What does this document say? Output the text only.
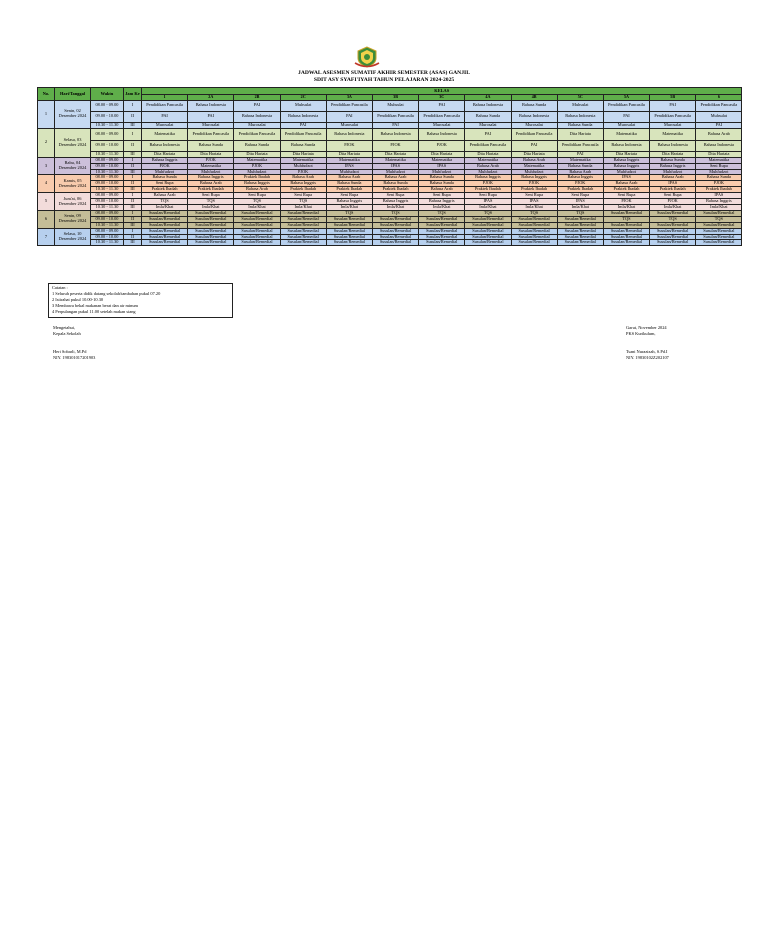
JADWAL ASESMEN SUMATIF AKHIR SEMESTER (ASAS) GANJIL
SDIT ASY SYAFI'IYAH TAHUN PELAJARAN 2024-2025
No.	Hari/Tanggal	Waktu	Jam Ke	KELAS												
				1	2A	2B	2C	3A	3B	3C	4A	4B	5C	5A	5B	6
1	Senin, 02 Desember 2024	08.00 - 09.00	I	Pendidikan Pancasila	Bahasa Indonesia	PAI	Muhsulat	Pendidikan Pancasila	Muhsulat	PAI	Bahasa Indonesia	Bahasa Sunda	Muhsulat	Pendidikan Pancasila	PAI	Pendidikan Pancasila
		09.00 - 10.00	II	PAI	PAI	Bahasa Indonesia	Bahasa Indonesia	PAI	Pendidikan Pancasila	Pendidikan Pancasila	Bahasa Sunda	Bahasa Indonesia	Bahasa Indonesia	PAI	Pendidikan Pancasila	Muhsulat
		10.30 - 11.30	III	Murosalat	Murosalat	Murosalat	PAI	Murosalat	PAI	Murosalat	Murosalat	Murosalat	Bahasa Sunda	Murosalat	Murosalat	PAI
2	Selasa, 03 Desember 2024	08.00 - 09.00	I	Matematika	Pendidikan Pancasila	Pendidikan Pancasila	Pendidikan Pancasila	Bahasa Indonesia	Bahasa Indonesia	Bahasa Indonesia	PAI	Pendidikan Pancasila	Dita Hariata	Matematika	Matematika	Bahasa Arab
		09.00 - 10.00	II	Bahasa Indonesia	Bahasa Sunda	Bahasa Sunda	Bahasa Sunda	PJOK	PJOK	PJOK	Pendidikan Pancasila	PAI	Pendidikan Pancasila	Bahasa Indonesia	Bahasa Indonesia	Bahasa Indonesia
		10.30 - 11.30	III	Dita Hariata	Dita Hariata	Dita Hariata	Dita Hariata	Dita Hariata	Dita Hariata	Dita Hariata	Dita Hariata	Dita Hariata	PAI	Dita Hariata	Dita Hariata	Dita Hariata
3	Rabu, 04 Desember 2024	08.00 - 09.00	I	Bahasa Inggris	PJOK	Matematika	Matematika	Matematika	Matematika	Matematika	Matematika	Bahasa Arab	Matematika	Bahasa Inggris	Bahasa Sunda	Matematika
		09.00 - 10.00	II	PJOK	Matematika	PJOK	Muhfudzot	IPAS	IPAS	IPAS	Bahasa Arab	Matematika	Bahasa Sunda	Bahasa Inggris	Bahasa Inggris	Seni Rupa
		10.30 - 11.30	III	Muhfudzot	Muhfudzot	Muhfudzot	PJOK	Muhfudzot	Muhfudzot	Muhfudzot	Muhfudzot	Muhfudzot	Bahasa Arab	Muhfudzot	Muhfudzot	Muhfudzot
4	Kamis, 05 Desember 2024	08.00 - 09.00	I	Bahasa Sunda	Bahasa Inggris	Praktek Ibadah	Bahasa Arab	Bahasa Arab	Bahasa Arab	Bahasa Sunda	Bahasa Inggris	Bahasa Inggris	Bahasa Inggris	IPAS	Bahasa Arab	Bahasa Sunda
		09.00 - 10.00	II	Seni Rupa	Bahasa Arab	Bahasa Inggris	Bahasa Inggris	Bahasa Sunda	Bahasa Sunda	Bahasa Sunda	PJOK	PJOK	PJOK	Bahasa Arab	IPAS	PJOK
		10.30 - 11.30	III	Praktek Ibadah	Praktek Ibadah	Bahasa Arab	Praktek Ibadah	Praktek Ibadah	Praktek Ibadah	Bahasa Arab	Praktek Ibadah	Praktek Ibadah	Praktek Ibadah	Praktek Ibadah	Praktek Ibadah	Praktek Ibadah
5	Jum'at, 06 Desember 2024	08.00 - 09.00	I	Bahasa Arab	Seni Rupa	Seni Rupa	Seni Rupa	Seni Rupa	Seni Rupa	Seni Rupa	Seni Rupa	Seni Rupa	Seni Rupa	Seni Rupa	Seni Rupa	IPAS
		09.00 - 10.00	II	TQS	TQS	TQS	TQS	Bahasa Inggris	Bahasa Inggris	Bahasa Inggris	IPAS	IPAS	IPAS	PJOK	PJOK	Bahasa Inggris
		10.30 - 11.30	III	Imla/Khat	Imla/Khat	Imla/Khat	Imla/Khat	Imla/Khat	Imla/Khat	Imla/Khat	Imla/Khat	Imla/Khat	Imla/Khat	Imla/Khat	Imla/Khat	Imla/Khat
6	Senin, 09 Desember 2024	08.00 - 09.00	I	Susulan/Remedial	Susulan/Remedial	Susulan/Remedial	Susulan/Remedial	TQS	TQS	TQS	TQS	TQS	TQS	Susulan/Remedial	Susulan/Remedial	Susulan/Remedial
		09.00 - 10.00	II	Susulan/Remedial	Susulan/Remedial	Susulan/Remedial	Susulan/Remedial	Susulan/Remedial	Susulan/Remedial	Susulan/Remedial	Susulan/Remedial	Susulan/Remedial	Susulan/Remedial	TQS	TQS	TQS
		10.30 - 11.30	III	Susulan/Remedial	Susulan/Remedial	Susulan/Remedial	Susulan/Remedial	Susulan/Remedial	Susulan/Remedial	Susulan/Remedial	Susulan/Remedial	Susulan/Remedial	Susulan/Remedial	Susulan/Remedial	Susulan/Remedial	Susulan/Remedial
7	Selasa, 10 Desember 2024	08.00 - 09.00	I	Susulan/Remedial	Susulan/Remedial	Susulan/Remedial	Susulan/Remedial	Susulan/Remedial	Susulan/Remedial	Susulan/Remedial	Susulan/Remedial	Susulan/Remedial	Susulan/Remedial	Susulan/Remedial	Susulan/Remedial	Susulan/Remedial
		09.00 - 10.00	II	Susulan/Remedial	Susulan/Remedial	Susulan/Remedial	Susulan/Remedial	Susulan/Remedial	Susulan/Remedial	Susulan/Remedial	Susulan/Remedial	Susulan/Remedial	Susulan/Remedial	Susulan/Remedial	Susulan/Remedial	Susulan/Remedial
		10.30 - 11.30	III	Susulan/Remedial	Susulan/Remedial	Susulan/Remedial	Susulan/Remedial	Susulan/Remedial	Susulan/Remedial	Susulan/Remedial	Susulan/Remedial	Susulan/Remedial	Susulan/Remedial	Susulan/Remedial	Susulan/Remedial	Susulan/Remedial
Catatan :
1 Seluruh peserta didik datang sekolah/tambahan pukul 07.20
2 Istirahat pukul 10.00-10.30
3 Membawa bekal makanan berat dan air minum
4 Perpulangan pukul 11.00 setelah makan siang
Mengetahui,
Kepala Sekolah
Heri Sobarli, M.Pd
NIY. 198301017201903
Garut, November 2024
PKS Kurikulum,
Tsani Nurazizah, S.Pd.I
NIY. 19830102Z202107
